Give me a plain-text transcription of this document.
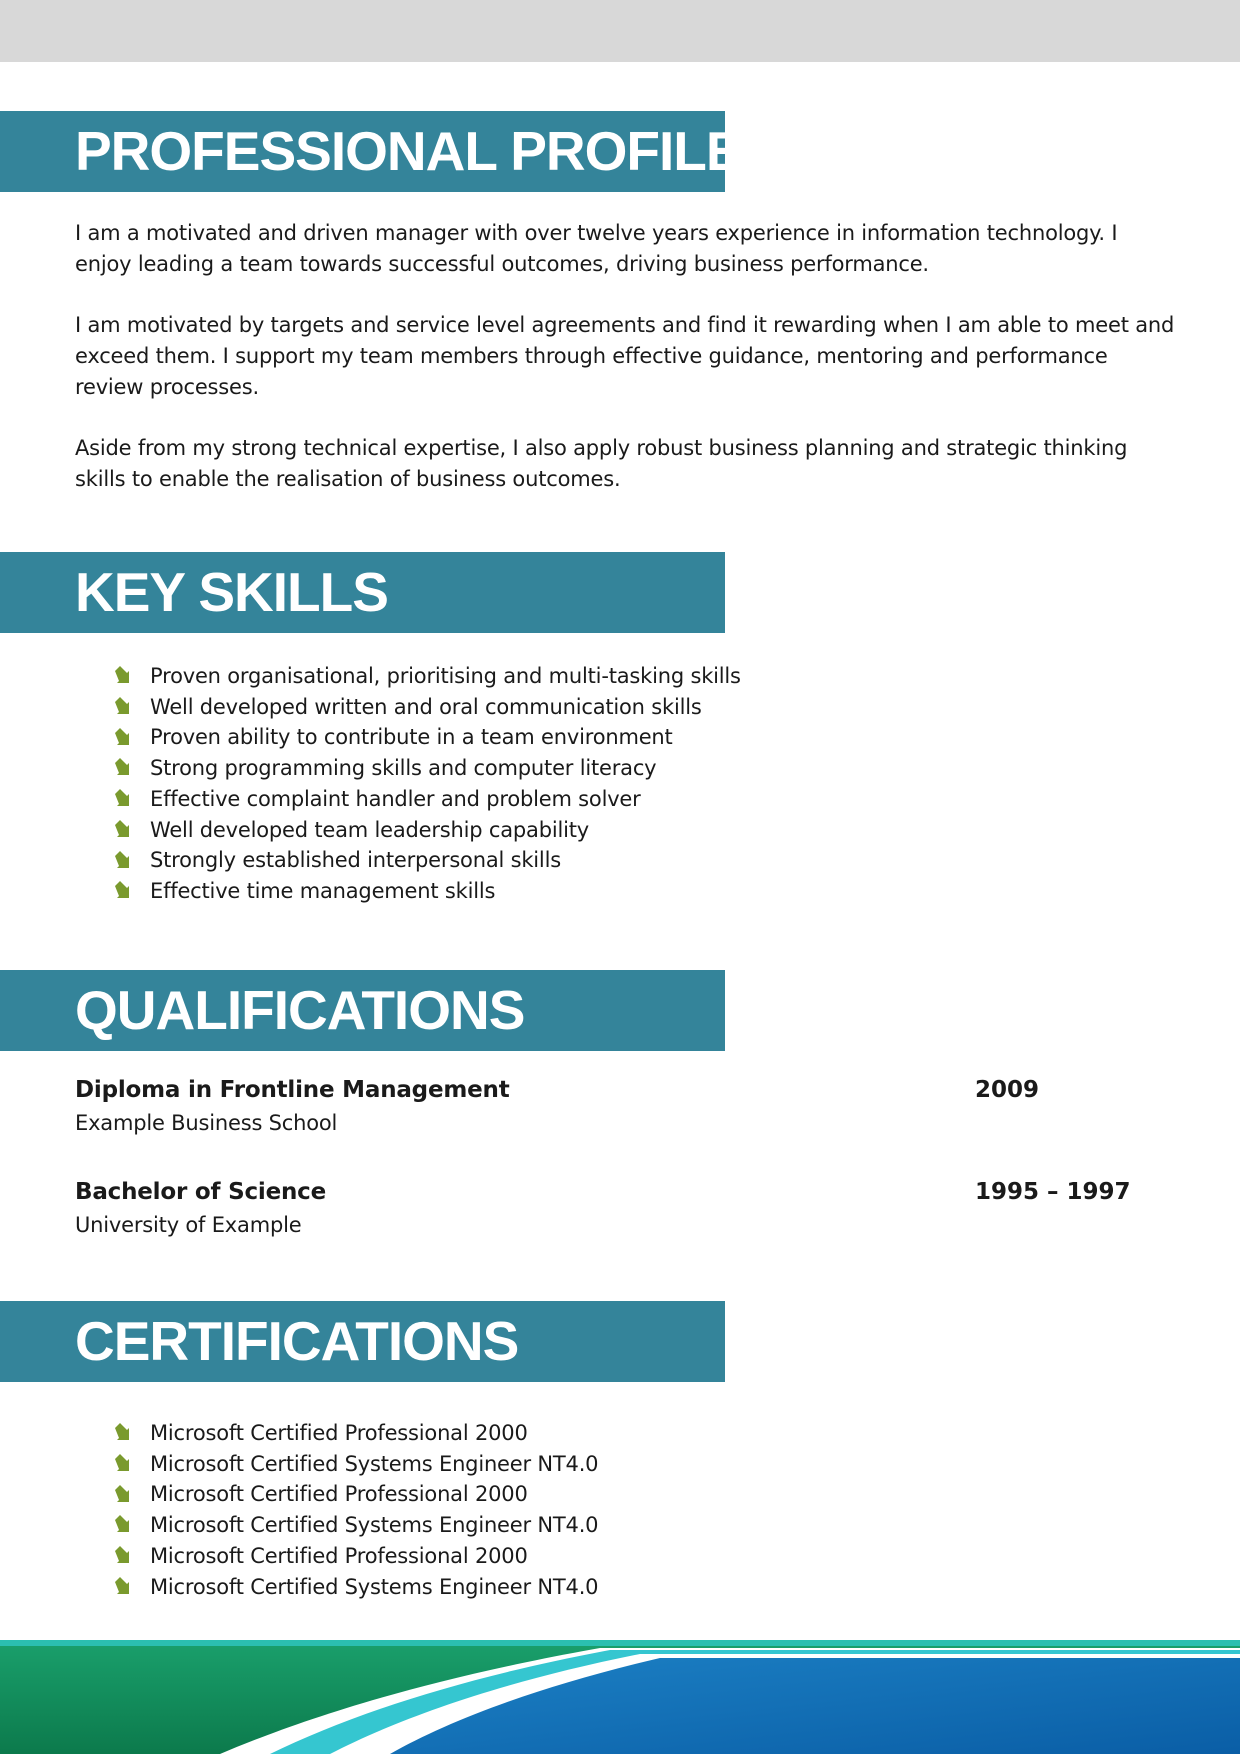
PROFESSIONAL PROFILE

I am a motivated and driven manager with over twelve years experience in information technology. I enjoy leading a team towards successful outcomes, driving business performance.

I am motivated by targets and service level agreements and find it rewarding when I am able to meet and exceed them. I support my team members through effective guidance, mentoring and performance review processes.

Aside from my strong technical expertise, I also apply robust business planning and strategic thinking skills to enable the realisation of business outcomes.

KEY SKILLS
Proven organisational, prioritising and multi-tasking skills
Well developed written and oral communication skills
Proven ability to contribute in a team environment
Strong programming skills and computer literacy
Effective complaint handler and problem solver
Well developed team leadership capability
Strongly established interpersonal skills
Effective time management skills
QUALIFICATIONS
Diploma in Frontline Management	2009
Example Business School
Bachelor of Science	1995 – 1997
University of Example
CERTIFICATIONS
Microsoft Certified Professional 2000
Microsoft Certified Systems Engineer NT4.0
Microsoft Certified Professional 2000
Microsoft Certified Systems Engineer NT4.0
Microsoft Certified Professional 2000
Microsoft Certified Systems Engineer NT4.0
